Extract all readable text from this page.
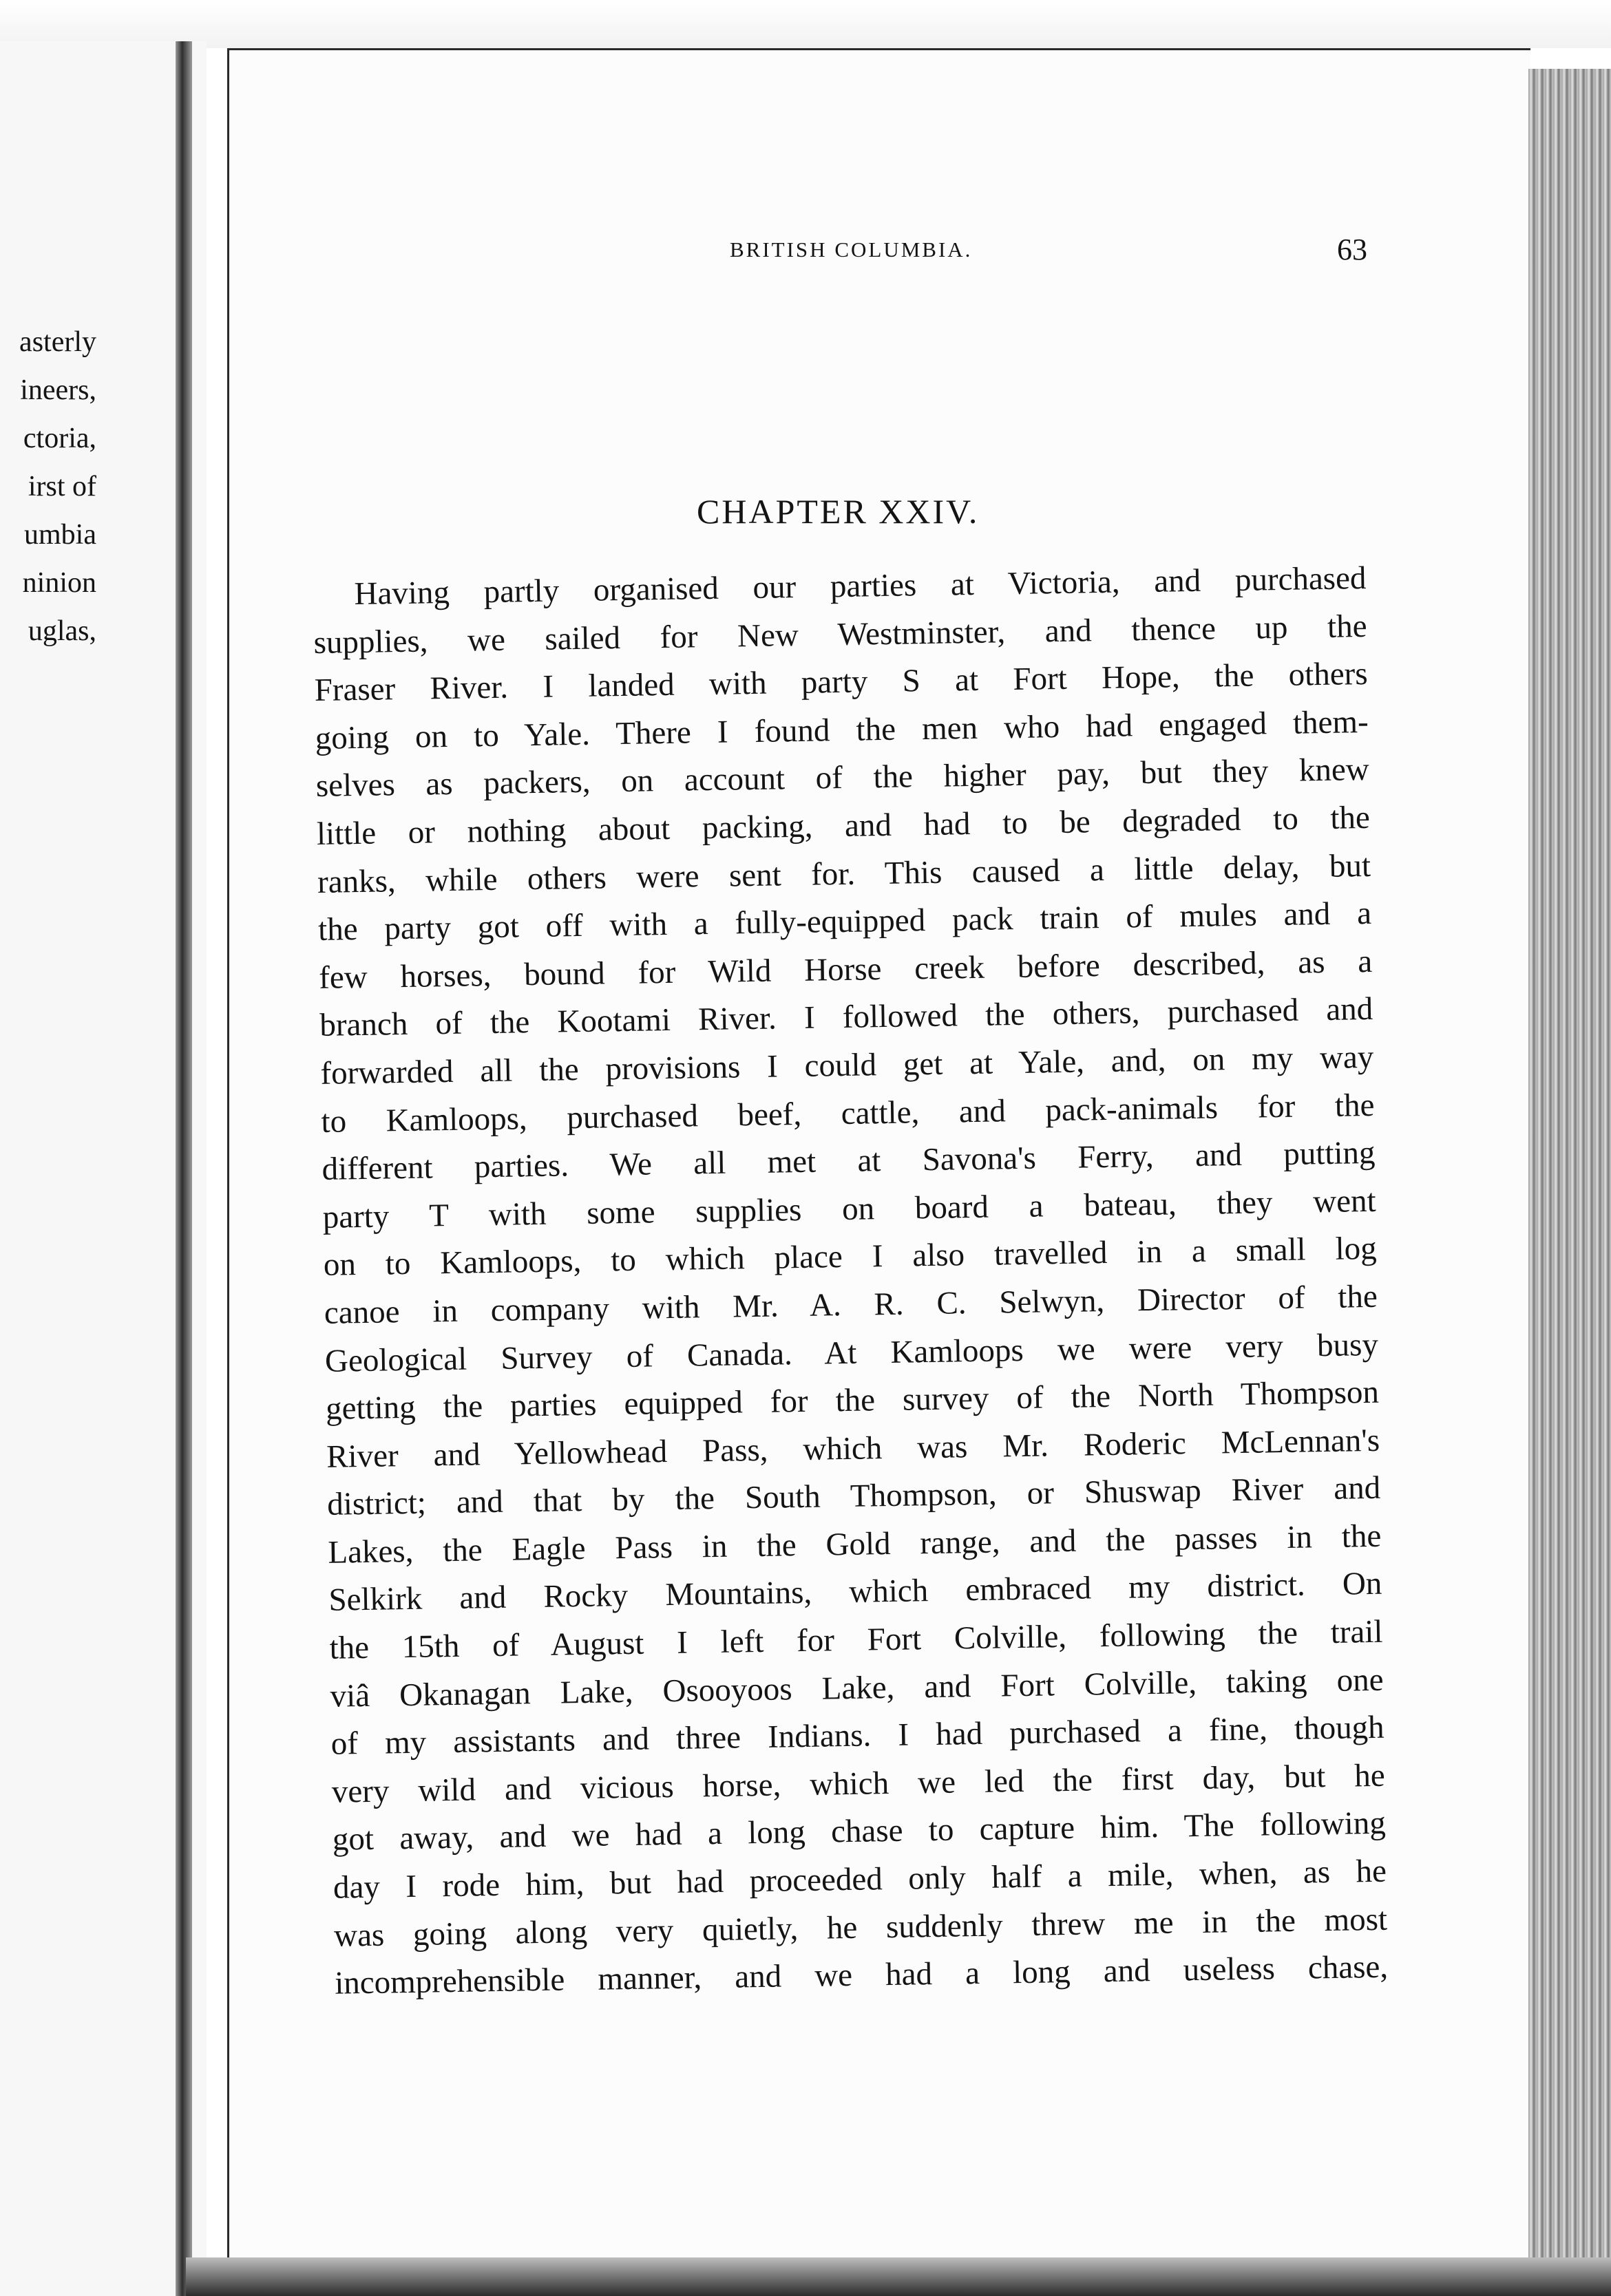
asterly
ineers,
ctoria,
irst of
umbia
ninion
uglas,
BRITISH COLUMBIA.	63
CHAPTER XXIV.
Having partly organised our parties at Victoria, and purchased
supplies, we sailed for New Westminster, and thence up the
Fraser River. I landed with party S at Fort Hope, the others
going on to Yale. There I found the men who had engaged them-
selves as packers, on account of the higher pay, but they knew
little or nothing about packing, and had to be degraded to the
ranks, while others were sent for. This caused a little delay, but
the party got off with a fully-equipped pack train of mules and a
few horses, bound for Wild Horse creek before described, as a
branch of the Kootami River. I followed the others, purchased and
forwarded all the provisions I could get at Yale, and, on my way
to Kamloops, purchased beef, cattle, and pack-animals for the
different parties. We all met at Savona's Ferry, and putting
party T with some supplies on board a bateau, they went
on to Kamloops, to which place I also travelled in a small log
canoe in company with Mr. A. R. C. Selwyn, Director of the
Geological Survey of Canada. At Kamloops we were very busy
getting the parties equipped for the survey of the North Thompson
River and Yellowhead Pass, which was Mr. Roderic McLennan's
district; and that by the South Thompson, or Shuswap River and
Lakes, the Eagle Pass in the Gold range, and the passes in the
Selkirk and Rocky Mountains, which embraced my district. On
the 15th of August I left for Fort Colville, following the trail
viâ Okanagan Lake, Osooyoos Lake, and Fort Colville, taking one
of my assistants and three Indians. I had purchased a fine, though
very wild and vicious horse, which we led the first day, but he
got away, and we had a long chase to capture him. The following
day I rode him, but had proceeded only half a mile, when, as he
was going along very quietly, he suddenly threw me in the most
incomprehensible manner, and we had a long and useless chase,
